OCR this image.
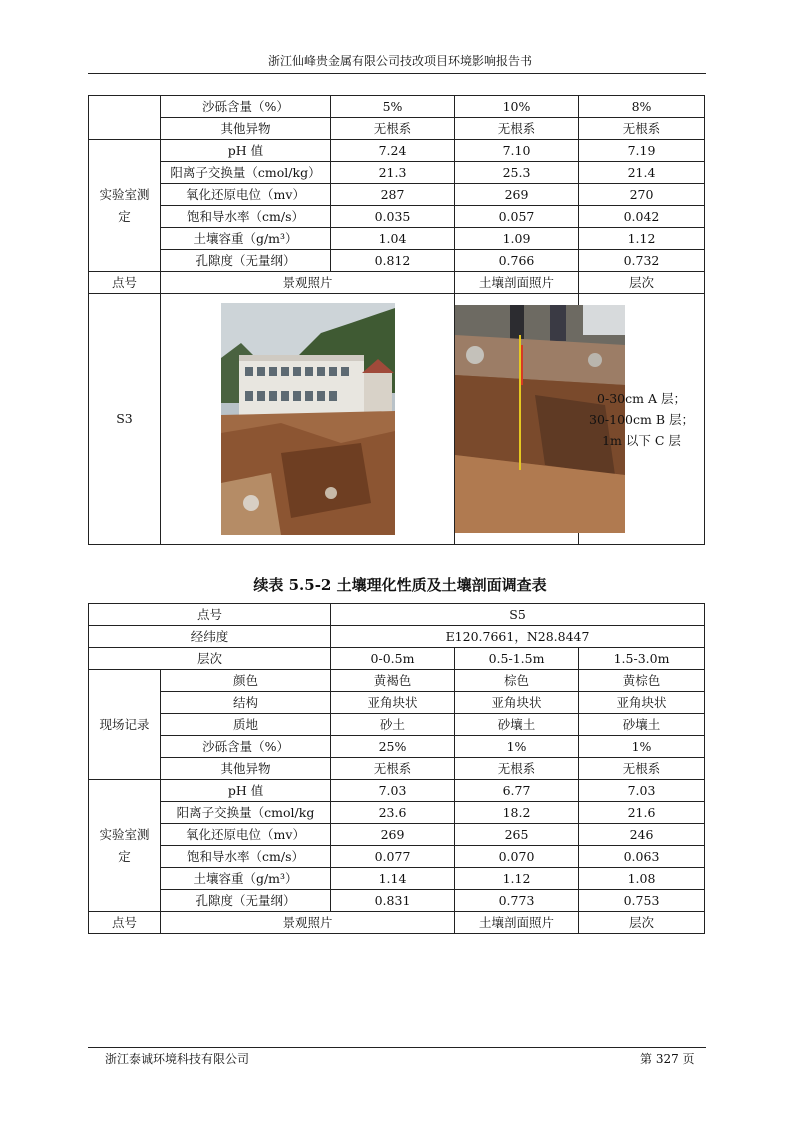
浙江仙峰贵金属有限公司技改项目环境影响报告书
	沙砾含量（%）	5%	10%	8%
	其他异物	无根系	无根系	无根系
实验室测定	pH 值	7.24	7.10	7.19
	阳离子交换量（cmol/kg）	21.3	25.3	21.4
	氧化还原电位（mv）	287	269	270
	饱和导水率（cm/s）	0.035	0.057	0.042
	土壤容重（g/m³）	1.04	1.09	1.12
	孔隙度（无量纲）	0.812	0.766	0.732
点号	景观照片		土壤剖面照片	层次
S3				0-30cm A 层；
30-100cm B 层；
1m 以下 C 层
续表 5.5-2 土壤理化性质及土壤剖面调查表
点号		S5		
经纬度		E120.7661，N28.8447		
层次		0-0.5m	0.5-1.5m	1.5-3.0m
现场记录	颜色	黄褐色	棕色	黄棕色
	结构	亚角块状	亚角块状	亚角块状
	质地	砂土	砂壤土	砂壤土
	沙砾含量（%）	25%	1%	1%
	其他异物	无根系	无根系	无根系
实验室测定	pH 值	7.03	6.77	7.03
	阳离子交换量（cmol/kg	23.6	18.2	21.6
	氧化还原电位（mv）	269	265	246
	饱和导水率（cm/s）	0.077	0.070	0.063
	土壤容重（g/m³）	1.14	1.12	1.08
	孔隙度（无量纲）	0.831	0.773	0.753
点号	景观照片		土壤剖面照片	层次
浙江泰诚环境科技有限公司	第 327 页
